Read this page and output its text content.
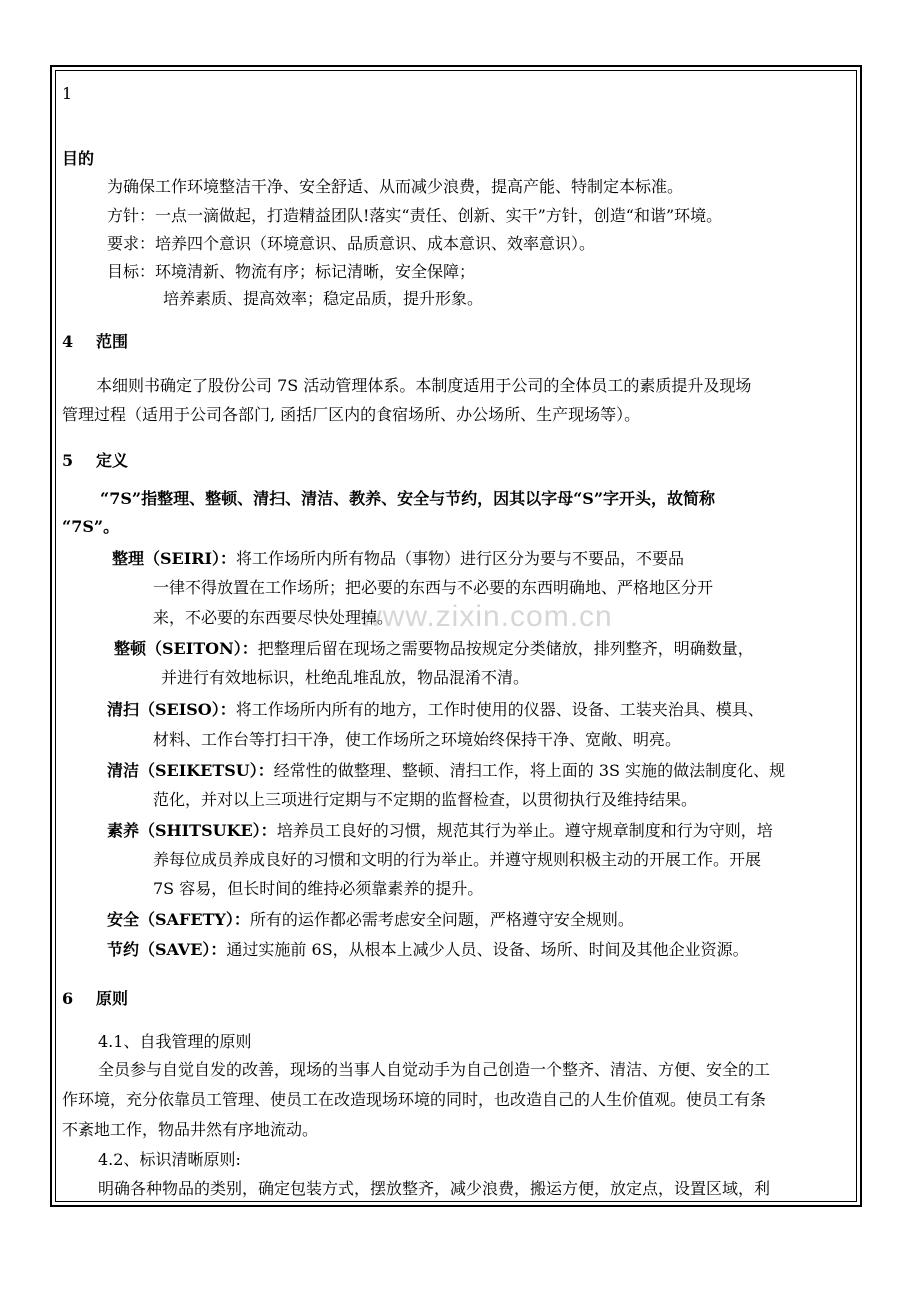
www.zixin.com.cn
1
目的
为确保工作环境整洁干净、安全舒适、从而减少浪费，提高产能、特制定本标准。
方针：一点一滴做起，打造精益团队!落实“责任、创新、实干”方针，创造“和谐”环境。
要求：培养四个意识（环境意识、品质意识、成本意识、效率意识）。
目标：环境清新、物流有序；标记清晰，安全保障；
培养素质、提高效率；稳定品质，提升形象。
4 范围
本细则书确定了股份公司 7S 活动管理体系。本制度适用于公司的全体员工的素质提升及现场
管理过程（适用于公司各部门, 函括厂区内的食宿场所、办公场所、生产现场等）。
5 定义
“7S”指整理、整顿、清扫、清洁、教养、安全与节约，因其以字母“S”字开头，故简称
“7S”。
整理（SEIRI）：将工作场所内所有物品（事物）进行区分为要与不要品，不要品
一律不得放置在工作场所；把必要的东西与不必要的东西明确地、严格地区分开
来，不必要的东西要尽快处理掉。
整顿（SEITON）：把整理后留在现场之需要物品按规定分类储放，排列整齐，明确数量，
并进行有效地标识，杜绝乱堆乱放，物品混淆不清。
清扫（SEISO）：将工作场所内所有的地方，工作时使用的仪器、设备、工装夹治具、模具、
材料、工作台等打扫干净，使工作场所之环境始终保持干净、宽敞、明亮。
清洁（SEIKETSU）：经常性的做整理、整顿、清扫工作，将上面的 3S 实施的做法制度化、规
范化，并对以上三项进行定期与不定期的监督检查，以贯彻执行及维持结果。
素养（SHITSUKE）：培养员工良好的习惯，规范其行为举止。遵守规章制度和行为守则，培
养每位成员养成良好的习惯和文明的行为举止。并遵守规则积极主动的开展工作。开展
7S 容易，但长时间的维持必须靠素养的提升。
安全（SAFETY）：所有的运作都必需考虑安全问题，严格遵守安全规则。
节约（SAVE）：通过实施前 6S，从根本上减少人员、设备、场所、时间及其他企业资源。
6 原则
4.1、自我管理的原则
全员参与自觉自发的改善，现场的当事人自觉动手为自己创造一个整齐、清洁、方便、安全的工
作环境，充分依靠员工管理、使员工在改造现场环境的同时，也改造自己的人生价值观。使员工有条
不紊地工作，物品井然有序地流动。
4.2、标识清晰原则:
明确各种物品的类别，确定包装方式，摆放整齐，减少浪费，搬运方便，放定点，设置区域，利
